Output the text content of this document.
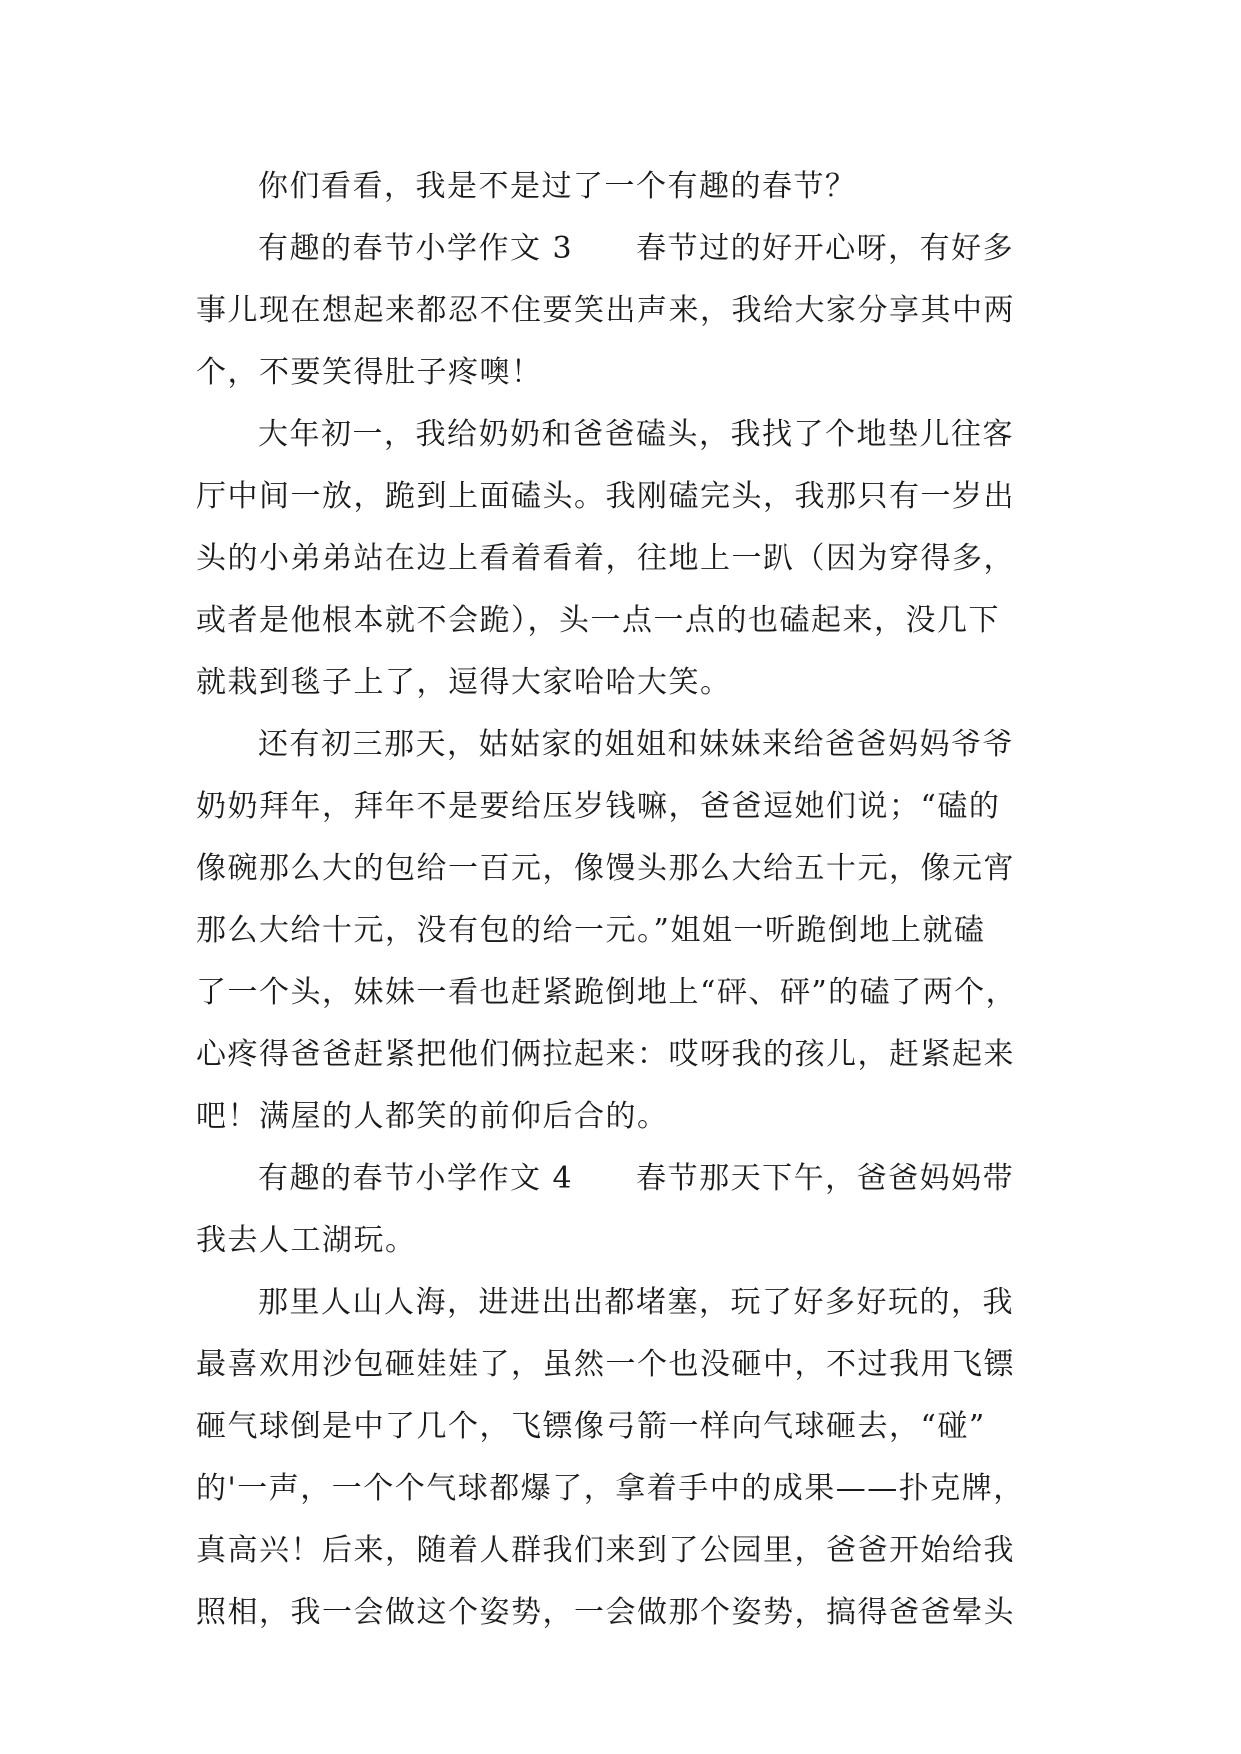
你们看看，我是不是过了一个有趣的春节？
有趣的春节小学作文 3　　春节过的好开心呀，有好多
事儿现在想起来都忍不住要笑出声来，我给大家分享其中两
个，不要笑得肚子疼噢！
大年初一，我给奶奶和爸爸磕头，我找了个地垫儿往客
厅中间一放，跪到上面磕头。我刚磕完头，我那只有一岁出
头的小弟弟站在边上看着看着，往地上一趴（因为穿得多，
或者是他根本就不会跪），头一点一点的也磕起来，没几下
就栽到毯子上了，逗得大家哈哈大笑。
还有初三那天，姑姑家的姐姐和妹妹来给爸爸妈妈爷爷
奶奶拜年，拜年不是要给压岁钱嘛，爸爸逗她们说；“磕的
像碗那么大的包给一百元，像馒头那么大给五十元，像元宵
那么大给十元，没有包的给一元。”姐姐一听跪倒地上就磕
了一个头，妹妹一看也赶紧跪倒地上“砰、砰”的磕了两个，
心疼得爸爸赶紧把他们俩拉起来：哎呀我的孩儿，赶紧起来
吧！满屋的人都笑的前仰后合的。
有趣的春节小学作文 4　　春节那天下午，爸爸妈妈带
我去人工湖玩。
那里人山人海，进进出出都堵塞，玩了好多好玩的，我
最喜欢用沙包砸娃娃了，虽然一个也没砸中，不过我用飞镖
砸气球倒是中了几个，飞镖像弓箭一样向气球砸去，“碰”
的'一声，一个个气球都爆了，拿着手中的成果——扑克牌，
真高兴！后来，随着人群我们来到了公园里，爸爸开始给我
照相，我一会做这个姿势，一会做那个姿势，搞得爸爸晕头
